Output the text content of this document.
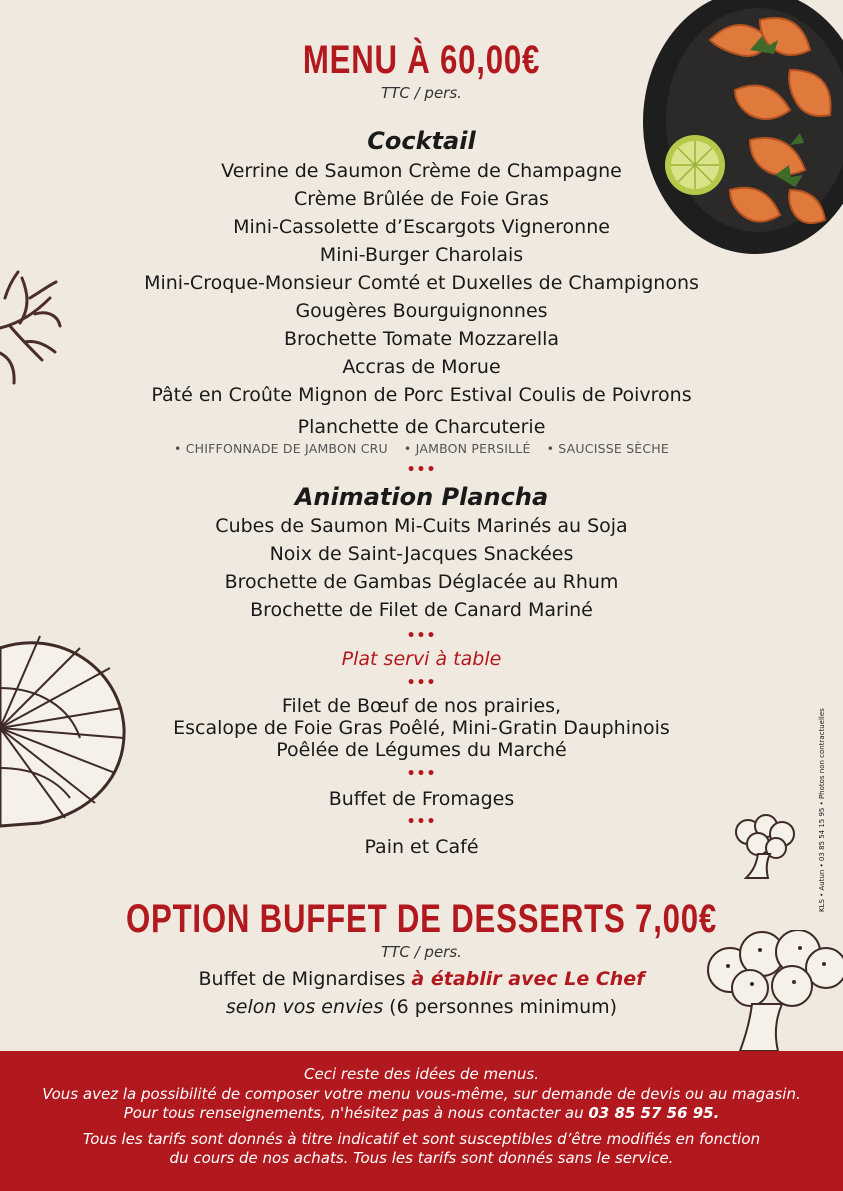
MENU À 60,00€
TTC / pers.
Cocktail
Verrine de Saumon Crème de Champagne
Crème Brûlée de Foie Gras
Mini-Cassolette d’Escargots Vigneronne
Mini-Burger Charolais
Mini-Croque-Monsieur Comté et Duxelles de Champignons
Gougères Bourguignonnes
Brochette Tomate Mozzarella
Accras de Morue
Pâté en Croûte Mignon de Porc Estival Coulis de Poivrons
Planchette de Charcuterie
• CHIFFONNADE DE JAMBON CRU • JAMBON PERSILLÉ • SAUCISSE SÈCHE
•••
Animation Plancha
Cubes de Saumon Mi-Cuits Marinés au Soja
Noix de Saint-Jacques Snackées
Brochette de Gambas Déglacée au Rhum
Brochette de Filet de Canard Mariné
•••
Plat servi à table
•••
Filet de Bœuf de nos prairies,
Escalope de Foie Gras Poêlé, Mini-Gratin Dauphinois
Poêlée de Légumes du Marché
•••
Buffet de Fromages
•••
Pain et Café
OPTION BUFFET DE DESSERTS 7,00€
TTC / pers.
Buffet de Mignardises à établir avec Le Chef
selon vos envies (6 personnes minimum)
KLS • Autun • 03 85 54 15 95 • Photos non contractuelles
Ceci reste des idées de menus.
Vous avez la possibilité de composer votre menu vous-même, sur demande de devis ou au magasin.
Pour tous renseignements, n'hésitez pas à nous contacter au 03 85 57 56 95.
Tous les tarifs sont donnés à titre indicatif et sont susceptibles d’être modifiés en fonction
du cours de nos achats. Tous les tarifs sont donnés sans le service.
